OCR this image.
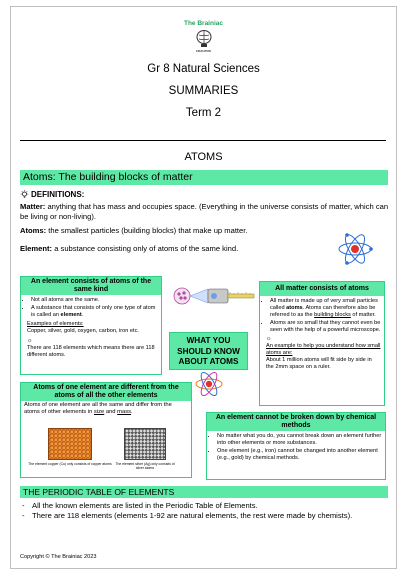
The Brainiac
EDUCATION
Gr 8 Natural Sciences
SUMMARIES
Term 2
ATOMS
Atoms: The building blocks of matter

DEFINITIONS:

Matter: anything that has mass and occupies space. (Everything in the universe consists of matter, which can be living or non-living).

Atoms: the smallest particles (building blocks) that make up matter.

Element: a substance consisting only of atoms of the same kind.

An element consists of atoms of the same kind
• Not all atoms are the same.
• A substance that consists of only one type of atom is called an element.
Examples of elements:
Copper, silver, gold, oxygen, carbon, iron etc.
☼
There are 118 elements which means there are 118 different atoms.
All matter consists of atoms
• All matter is made up of very small particles called atoms. Atoms can therefore also be referred to as the building blocks of matter.
• Atoms are so small that they cannot even be seen with the help of a powerful microscope.
☼
An example to help you understand how small atoms are:
About 1 million atoms will fit side by side in the 2mm space on a ruler.
WHAT YOU SHOULD KNOW ABOUT ATOMS
Atoms of one element are different from the atoms of all the other elements
Atoms of one element are all the same and differ from the atoms of other elements in size and mass.
The element copper (Cu) only consists of copper atoms	The element silver (Ag) only consists of silver atoms
An element cannot be broken down by chemical methods
• No matter what you do, you cannot break down an element further into other elements or more substances.
• One element (e.g., iron) cannot be changed into another element (e.g., gold) by chemical methods.
THE PERIODIC TABLE OF ELEMENTS
- All the known elements are listed in the Periodic Table of Elements.
- There are 118 elements (elements 1-92 are natural elements, the rest were made by chemists).
Copyright © The Brainiac 2023
